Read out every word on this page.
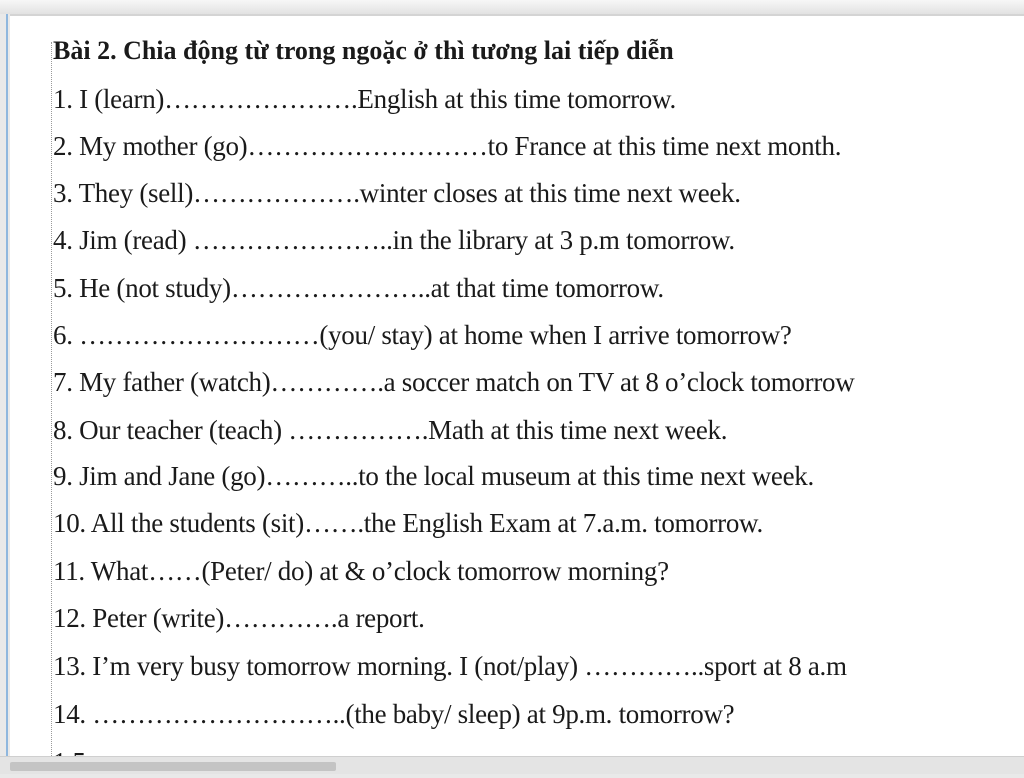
Bài 2. Chia động từ trong ngoặc ở thì tương lai tiếp diễn
1. I (learn)………………….English at this time tomorrow.
2. My mother (go)………………………to France at this time next month.
3. They (sell)……………….winter closes at this time next week.
4. Jim (read) …………………..in the library at 3 p.m tomorrow.
5. He (not study)…………………..at that time tomorrow.
6. ………………………(you/ stay) at home when I arrive tomorrow?
7. My father (watch)………….a soccer match on TV at 8 o’clock tomorrow
8. Our teacher (teach) …………….Math at this time next week.
9. Jim and Jane (go)………..to the local museum at this time next week.
10. All the students (sit)…….the English Exam at 7.a.m. tomorrow.
11. What……(Peter/ do) at & o’clock tomorrow morning?
12. Peter (write)………….a report.
13. I’m very busy tomorrow morning. I (not/play) …………..sport at 8 a.m
14. ………………………..(the baby/ sleep) at 9p.m. tomorrow?
